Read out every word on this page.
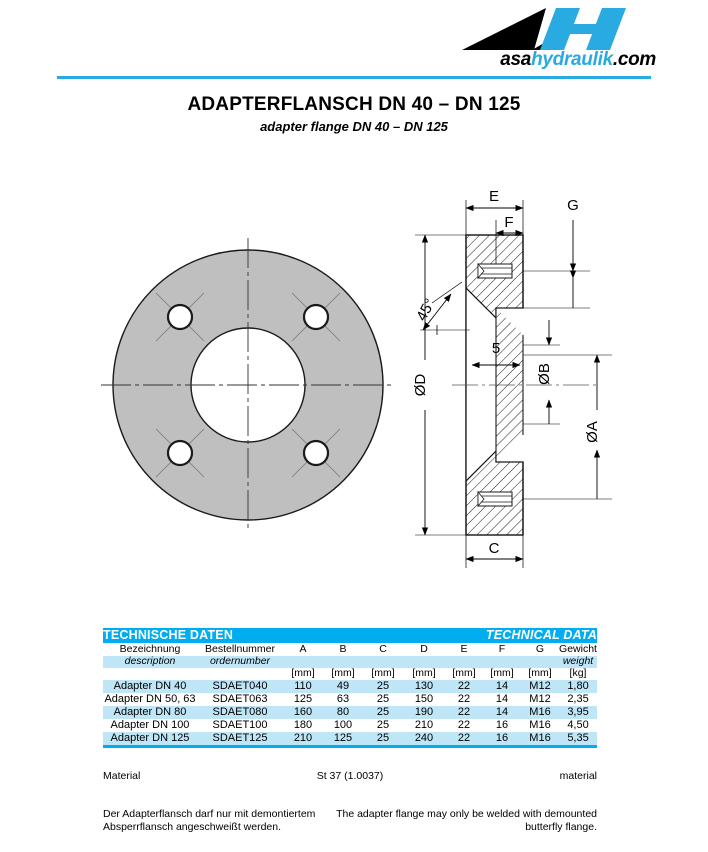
asahydraulik.com
ADAPTERFLANSCH DN 40 – DN 125
adapter flange DN 40 – DN 125
E
F
G
5
C
ØD	ØB
ØA
45°
TECHNISCHE DATEN				TECHNICAL DATA					
Bezeichnung	Bestellnummer	A	B	C	D	E	F	G	Gewicht
description	ordernumber								weight
		[mm]	[mm]	[mm]	[mm]	[mm]	[mm]	[mm]	[kg]
Adapter DN 40	SDAET040	110	49	25	130	22	14	M12	1,80
Adapter DN 50, 63	SDAET063	125	63	25	150	22	14	M12	2,35
Adapter DN 80	SDAET080	160	80	25	190	22	14	M16	3,95
Adapter DN 100	SDAET100	180	100	25	210	22	16	M16	4,50
Adapter DN 125	SDAET125	210	125	25	240	22	16	M16	5,35

Material	St 37 (1.0037)	material
Der Adapterflansch darf nur mit demontiertem Absperrflansch angeschweißt werden.
The adapter flange may only be welded with demounted butterfly flange.
